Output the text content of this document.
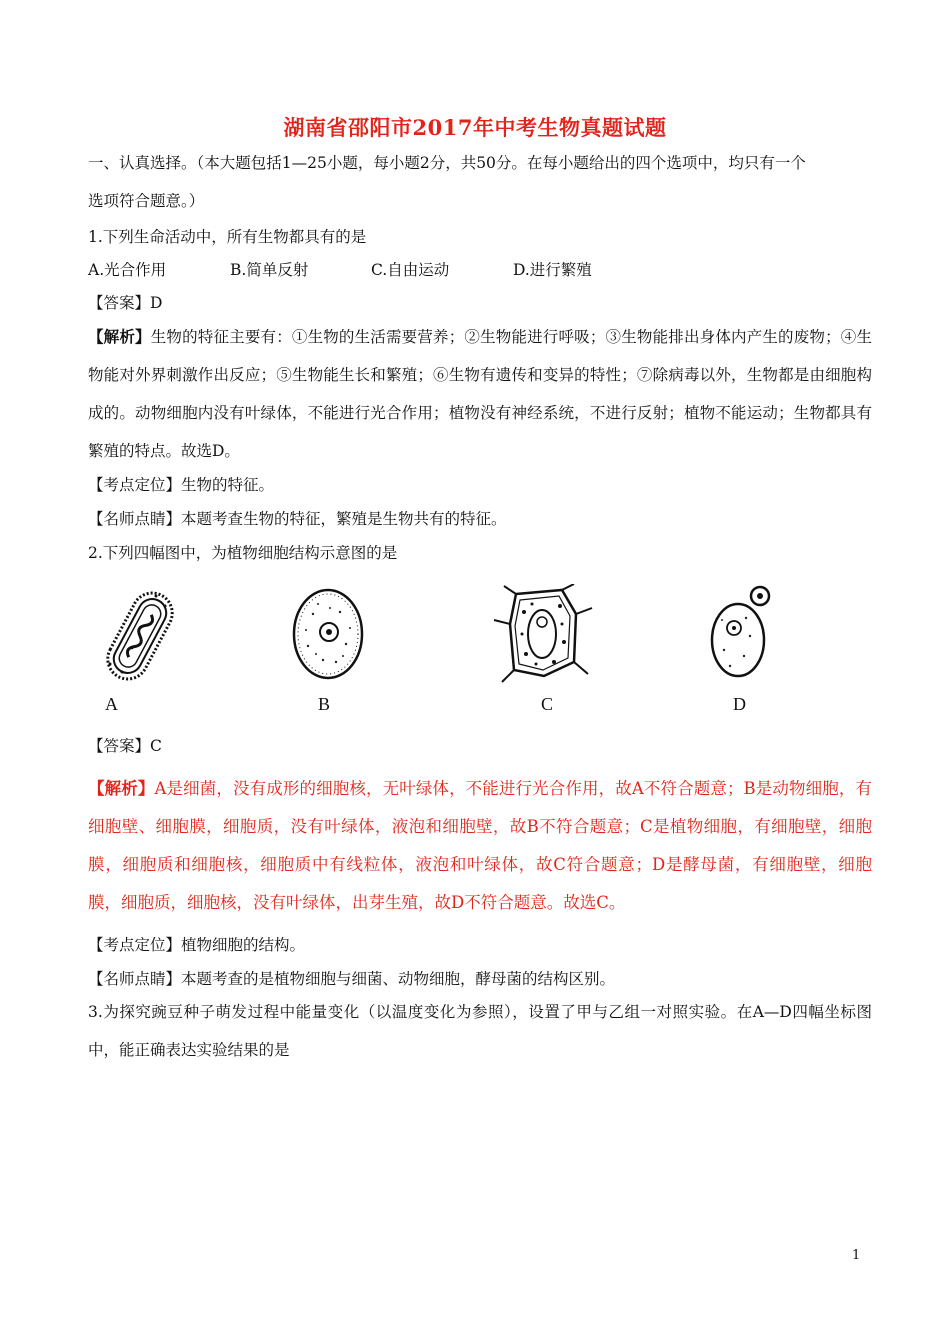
湖南省邵阳市2017年中考生物真题试题
一、认真选择。（本大题包括1—25小题，每小题2分，共50分。在每小题给出的四个选项中，均只有一个
选项符合题意。）
1.下列生命活动中，所有生物都具有的是
A.光合作用	B.简单反射	C.自由运动	D.进行繁殖
【答案】D
【解析】生物的特征主要有：①生物的生活需要营养；②生物能进行呼吸；③生物能排出身体内产生的废物；④生物能对外界刺激作出反应；⑤生物能生长和繁殖；⑥生物有遗传和变异的特性；⑦除病毒以外，生物都是由细胞构成的。动物细胞内没有叶绿体，不能进行光合作用；植物没有神经系统，不进行反射；植物不能运动；生物都具有繁殖的特点。故选D。
【考点定位】生物的特征。
【名师点睛】本题考查生物的特征，繁殖是生物共有的特征。
2.下列四幅图中，为植物细胞结构示意图的是
A	B	C	D
【答案】C
【解析】A是细菌，没有成形的细胞核，无叶绿体，不能进行光合作用，故A不符合题意；B是动物细胞，有细胞壁、细胞膜，细胞质，没有叶绿体，液泡和细胞壁，故B不符合题意；C是植物细胞，有细胞壁，细胞膜，细胞质和细胞核，细胞质中有线粒体，液泡和叶绿体，故C符合题意；D是酵母菌，有细胞壁，细胞膜，细胞质，细胞核，没有叶绿体，出芽生殖，故D不符合题意。故选C。
【考点定位】植物细胞的结构。
【名师点睛】本题考查的是植物细胞与细菌、动物细胞，酵母菌的结构区别。
3.为探究豌豆种子萌发过程中能量变化（以温度变化为参照），设置了甲与乙组一对照实验。在A—D四幅坐标图中，能正确表达实验结果的是
1
